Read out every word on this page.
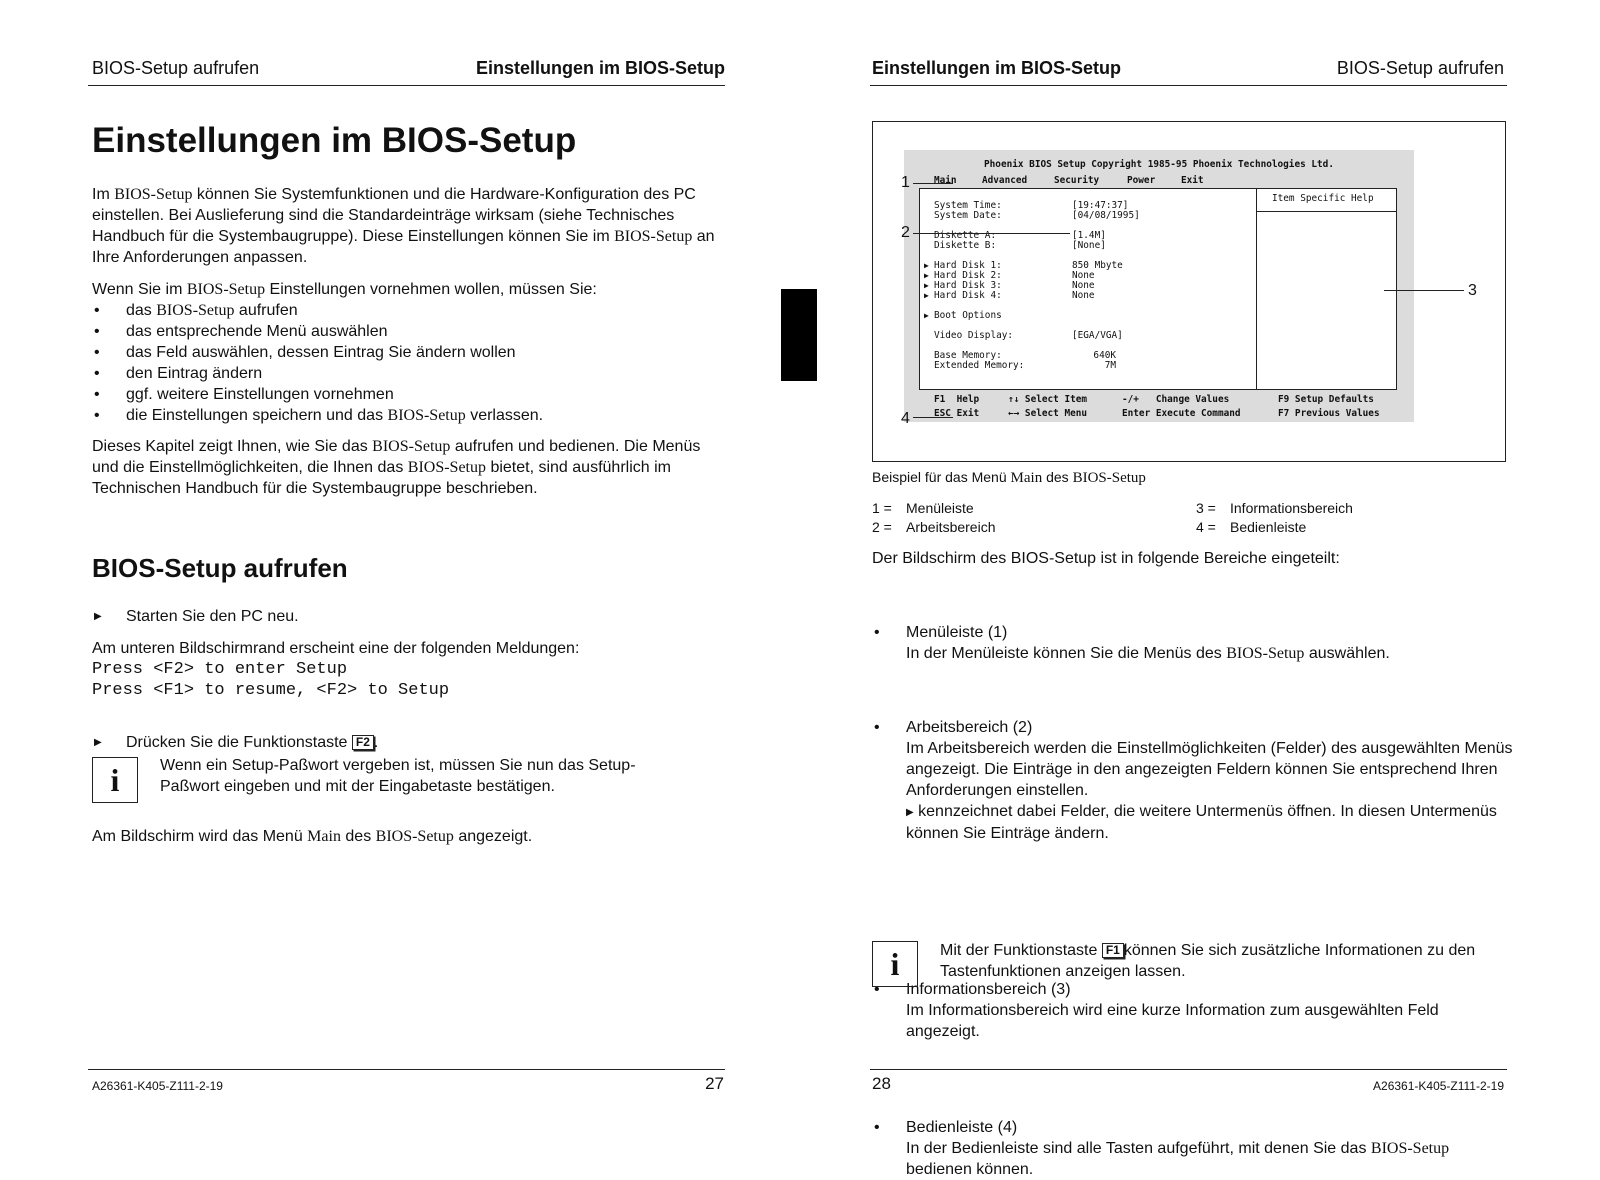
BIOS-Setup aufrufen	Einstellungen im BIOS-Setup
Einstellungen im BIOS-Setup
Im BIOS-Setup können Sie Systemfunktionen und die Hardware-Konfiguration des PC einstellen. Bei Auslieferung sind die Standardeinträge wirksam (siehe Technisches Handbuch für die Systembaugruppe). Diese Einstellungen können Sie im BIOS-Setup an Ihre Anforderungen anpassen.
Wenn Sie im BIOS-Setup Einstellungen vornehmen wollen, müssen Sie:
• das BIOS-Setup aufrufen
• das entsprechende Menü auswählen
• das Feld auswählen, dessen Eintrag Sie ändern wollen
• den Eintrag ändern
• ggf. weitere Einstellungen vornehmen
• die Einstellungen speichern und das BIOS-Setup verlassen.
Dieses Kapitel zeigt Ihnen, wie Sie das BIOS-Setup aufrufen und bedienen. Die Menüs und die Einstellmöglichkeiten, die Ihnen das BIOS-Setup bietet, sind ausführlich im Technischen Handbuch für die Systembaugruppe beschrieben.
BIOS-Setup aufrufen
▶ Starten Sie den PC neu.
Am unteren Bildschirmrand erscheint eine der folgenden Meldungen:
Press <F2> to enter Setup
Press <F1> to resume, <F2> to Setup
▶ Drücken Sie die Funktionstaste F2 .
i	Wenn ein Setup-Paßwort vergeben ist, müssen Sie nun das Setup-Paßwort eingeben und mit der Eingabetaste bestätigen.
Am Bildschirm wird das Menü Main des BIOS-Setup angezeigt.
A26361-K405-Z111-2-19	27
Einstellungen im BIOS-Setup	BIOS-Setup aufrufen
Phoenix BIOS Setup Copyright 1985-95 Phoenix Technologies Ltd.
Main	Advanced	Security	Power	Exit
Item Specific Help
System Time:	[19:47:37]
System Date:	[04/08/1995]
Diskette A:	[1.4M]
Diskette B:	[None]
▶ Hard Disk 1:	850 Mbyte
▶ Hard Disk 2:	None
▶ Hard Disk 3:	None
▶ Hard Disk 4:	None
▶ Boot Options
Video Display:	[EGA/VGA]
Base Memory:	640K
Extended Memory:	7M
F1  Help	↑↓ Select Item	-/+   Change Values	F9 Setup Defaults
ESC Exit	←→ Select Menu	Enter Execute Command	F7 Previous Values
1
2
3
4
Beispiel für das Menü Main des BIOS-Setup
1 = Menüleiste
2 = Arbeitsbereich
3 = Informationsbereich
4 = Bedienleiste
Der Bildschirm des BIOS-Setup ist in folgende Bereiche eingeteilt:
• Menüleiste (1)
In der Menüleiste können Sie die Menüs des BIOS-Setup auswählen.
• Arbeitsbereich (2)
Im Arbeitsbereich werden die Einstellmöglichkeiten (Felder) des ausgewählten Menüs angezeigt. Die Einträge in den angezeigten Feldern können Sie entsprechend Ihren Anforderungen einstellen.
▶ kennzeichnet dabei Felder, die weitere Untermenüs öffnen. In diesen Untermenüs können Sie Einträge ändern.
• Informationsbereich (3)
Im Informationsbereich wird eine kurze Information zum ausgewählten Feld angezeigt.
• Bedienleiste (4)
In der Bedienleiste sind alle Tasten aufgeführt, mit denen Sie das BIOS-Setup bedienen können.
i	Mit der Funktionstaste F1 können Sie sich zusätzliche Informationen zu den Tastenfunktionen anzeigen lassen.
28	A26361-K405-Z111-2-19
